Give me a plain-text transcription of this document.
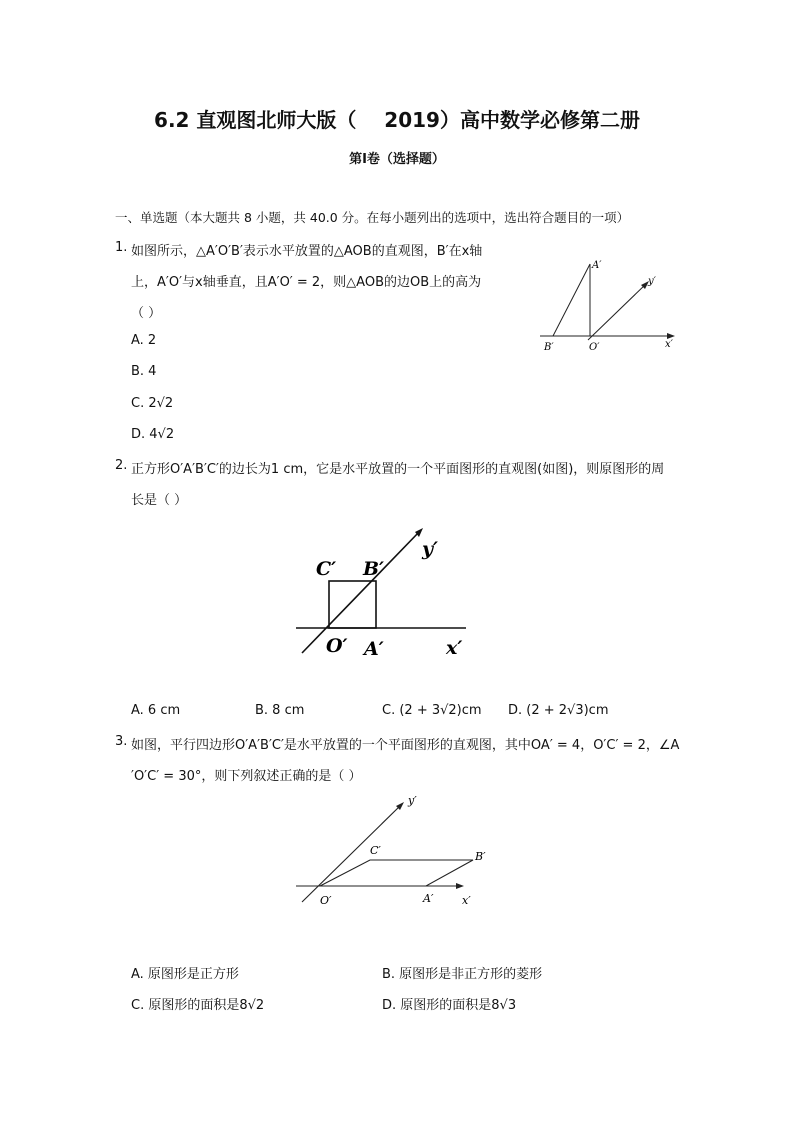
6.2 直观图北师大版（    2019）高中数学必修第二册
第Ⅰ卷（选择题）
一、单选题（本大题共 8 小题，共 40.0 分。在每小题列出的选项中，选出符合题目的一项）
1. 如图所示，△A′O′B′表示水平放置的△AOB的直观图，B′在x轴
上，A′O′与x轴垂直，且A′O′ = 2，则△AOB的边OB上的高为
（ ）
A. 2
B. 4
C. 2√2
D. 4√2
A′
y′
B′	O′	x′
2. 正方形O′A′B′C′的边长为1 cm，它是水平放置的一个平面图形的直观图(如图)，则原图形的周
长是（ ）
C′ B′
y′
O′ A′	x′
A. 6 cm	B. 8 cm	C. (2 + 3√2)cm D. (2 + 2√3)cm
3. 如图，平行四边形O′A′B′C′是水平放置的一个平面图形的直观图，其中OA′ = 4，O′C′ = 2，∠A
′O′C′ = 30°，则下列叙述正确的是（ ）
y′
C′	B′
O′	A′	x′
A. 原图形是正方形	B. 原图形是非正方形的菱形
C. 原图形的面积是8√2	D. 原图形的面积是8√3
